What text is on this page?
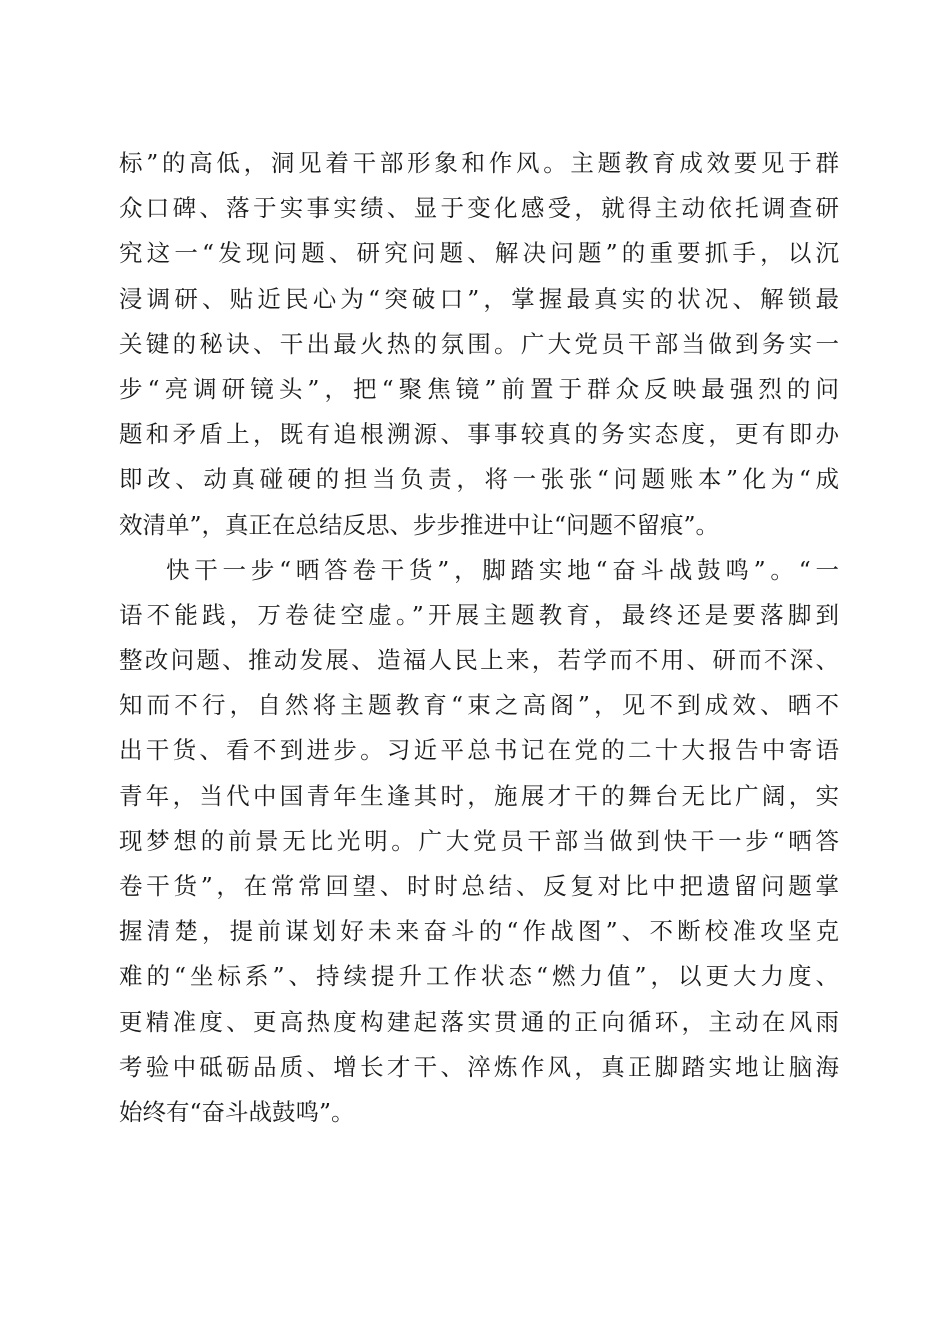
标”的高低，洞见着干部形象和作风。主题教育成效要见于群
众口碑、落于实事实绩、显于变化感受，就得主动依托调查研
究这一“发现问题、研究问题、解决问题”的重要抓手，以沉
浸调研、贴近民心为“突破口”，掌握最真实的状况、解锁最
关键的秘诀、干出最火热的氛围。广大党员干部当做到务实一
步“亮调研镜头”，把“聚焦镜”前置于群众反映最强烈的问
题和矛盾上，既有追根溯源、事事较真的务实态度，更有即办
即改、动真碰硬的担当负责，将一张张“问题账本”化为“成
效清单”，真正在总结反思、步步推进中让“问题不留痕”。
快干一步“晒答卷干货”，脚踏实地“奋斗战鼓鸣”。“一
语不能践，万卷徒空虚。”开展主题教育，最终还是要落脚到
整改问题、推动发展、造福人民上来，若学而不用、研而不深、
知而不行，自然将主题教育“束之高阁”，见不到成效、晒不
出干货、看不到进步。习近平总书记在党的二十大报告中寄语
青年，当代中国青年生逢其时，施展才干的舞台无比广阔，实
现梦想的前景无比光明。广大党员干部当做到快干一步“晒答
卷干货”，在常常回望、时时总结、反复对比中把遗留问题掌
握清楚，提前谋划好未来奋斗的“作战图”、不断校准攻坚克
难的“坐标系”、持续提升工作状态“燃力值”，以更大力度、
更精准度、更高热度构建起落实贯通的正向循环，主动在风雨
考验中砥砺品质、增长才干、淬炼作风，真正脚踏实地让脑海
始终有“奋斗战鼓鸣”。
